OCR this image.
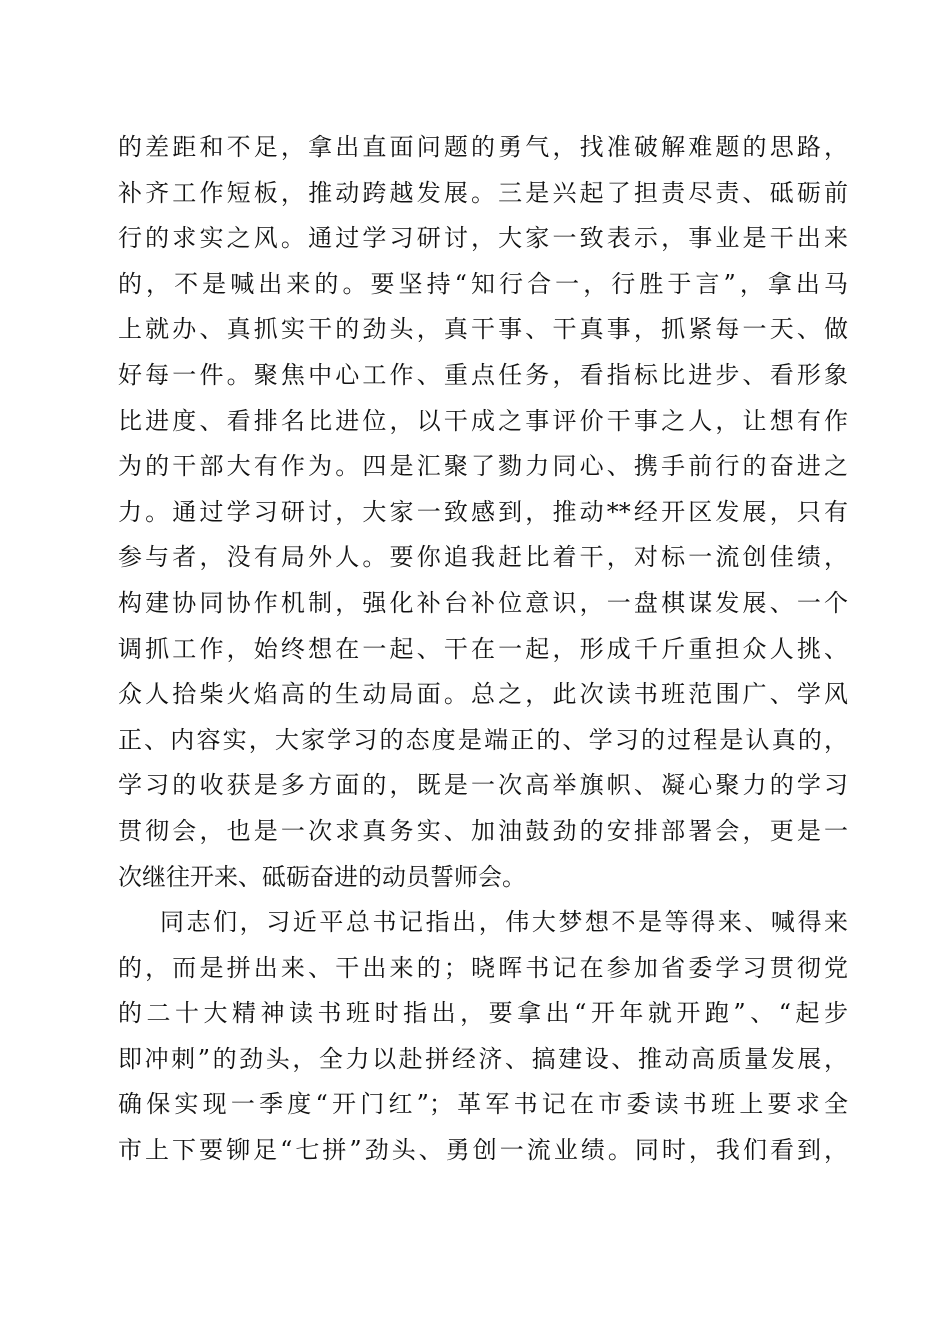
的差距和不足，拿出直面问题的勇气，找准破解难题的思路，
补齐工作短板，推动跨越发展。三是兴起了担责尽责、砥砺前
行的求实之风。通过学习研讨，大家一致表示，事业是干出来
的，不是喊出来的。要坚持“知行合一，行胜于言”，拿出马
上就办、真抓实干的劲头，真干事、干真事，抓紧每一天、做
好每一件。聚焦中心工作、重点任务，看指标比进步、看形象
比进度、看排名比进位，以干成之事评价干事之人，让想有作
为的干部大有作为。四是汇聚了勠力同心、携手前行的奋进之
力。通过学习研讨，大家一致感到，推动**经开区发展，只有
参与者，没有局外人。要你追我赶比着干，对标一流创佳绩，
构建协同协作机制，强化补台补位意识，一盘棋谋发展、一个
调抓工作，始终想在一起、干在一起，形成千斤重担众人挑、
众人拾柴火焰高的生动局面。总之，此次读书班范围广、学风
正、内容实，大家学习的态度是端正的、学习的过程是认真的，
学习的收获是多方面的，既是一次高举旗帜、凝心聚力的学习
贯彻会，也是一次求真务实、加油鼓劲的安排部署会，更是一
次继往开来、砥砺奋进的动员誓师会。
同志们，习近平总书记指出，伟大梦想不是等得来、喊得来
的，而是拼出来、干出来的；晓晖书记在参加省委学习贯彻党
的二十大精神读书班时指出，要拿出“开年就开跑”、“起步
即冲刺”的劲头，全力以赴拼经济、搞建设、推动高质量发展，
确保实现一季度“开门红”；革军书记在市委读书班上要求全
市上下要铆足“七拼”劲头、勇创一流业绩。同时，我们看到，
